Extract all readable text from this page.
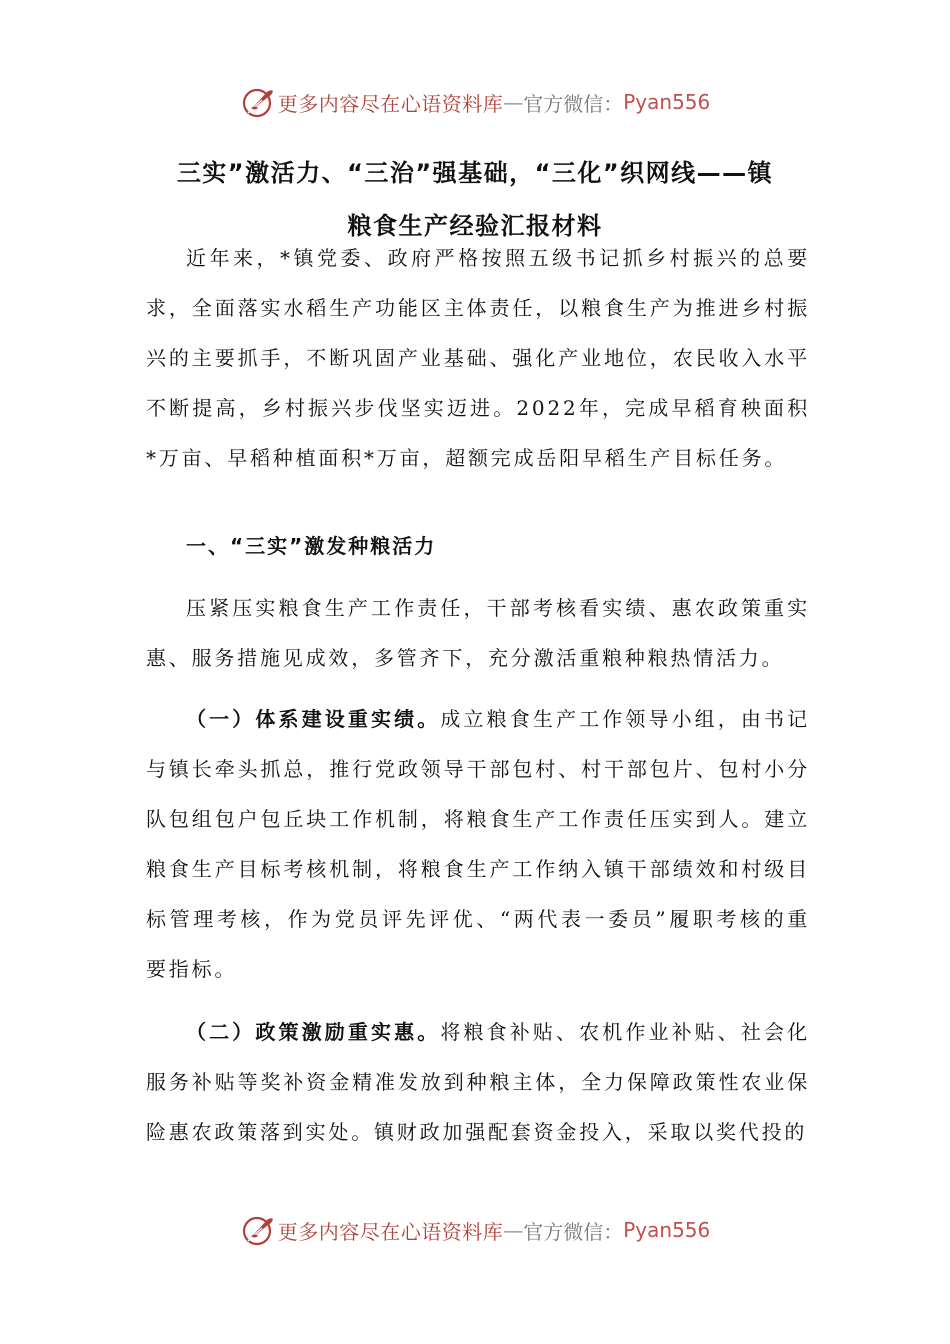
更多内容尽在心语资料库 — 官方微信： Pyan556
三实”激活力、“三治”强基础，“三化”织网线——镇
粮食生产经验汇报材料

近年来，*镇党委、政府严格按照五级书记抓乡村振兴的总要求，全面落实水稻生产功能区主体责任，以粮食生产为推进乡村振兴的主要抓手，不断巩固产业基础、强化产业地位，农民收入水平不断提高，乡村振兴步伐坚实迈进。2022年，完成早稻育秧面积*万亩、早稻种植面积*万亩，超额完成岳阳早稻生产目标任务。

一、“三实”激发种粮活力

压紧压实粮食生产工作责任，干部考核看实绩、惠农政策重实惠、服务措施见成效，多管齐下，充分激活重粮种粮热情活力。

（一）体系建设重实绩。成立粮食生产工作领导小组，由书记与镇长牵头抓总，推行党政领导干部包村、村干部包片、包村小分队包组包户包丘块工作机制，将粮食生产工作责任压实到人。建立粮食生产目标考核机制，将粮食生产工作纳入镇干部绩效和村级目标管理考核，作为党员评先评优、“两代表一委员”履职考核的重要指标。

（二）政策激励重实惠。将粮食补贴、农机作业补贴、社会化服务补贴等奖补资金精准发放到种粮主体，全力保障政策性农业保险惠农政策落到实处。镇财政加强配套资金投入，采取以奖代投的

更多内容尽在心语资料库 — 官方微信： Pyan556
